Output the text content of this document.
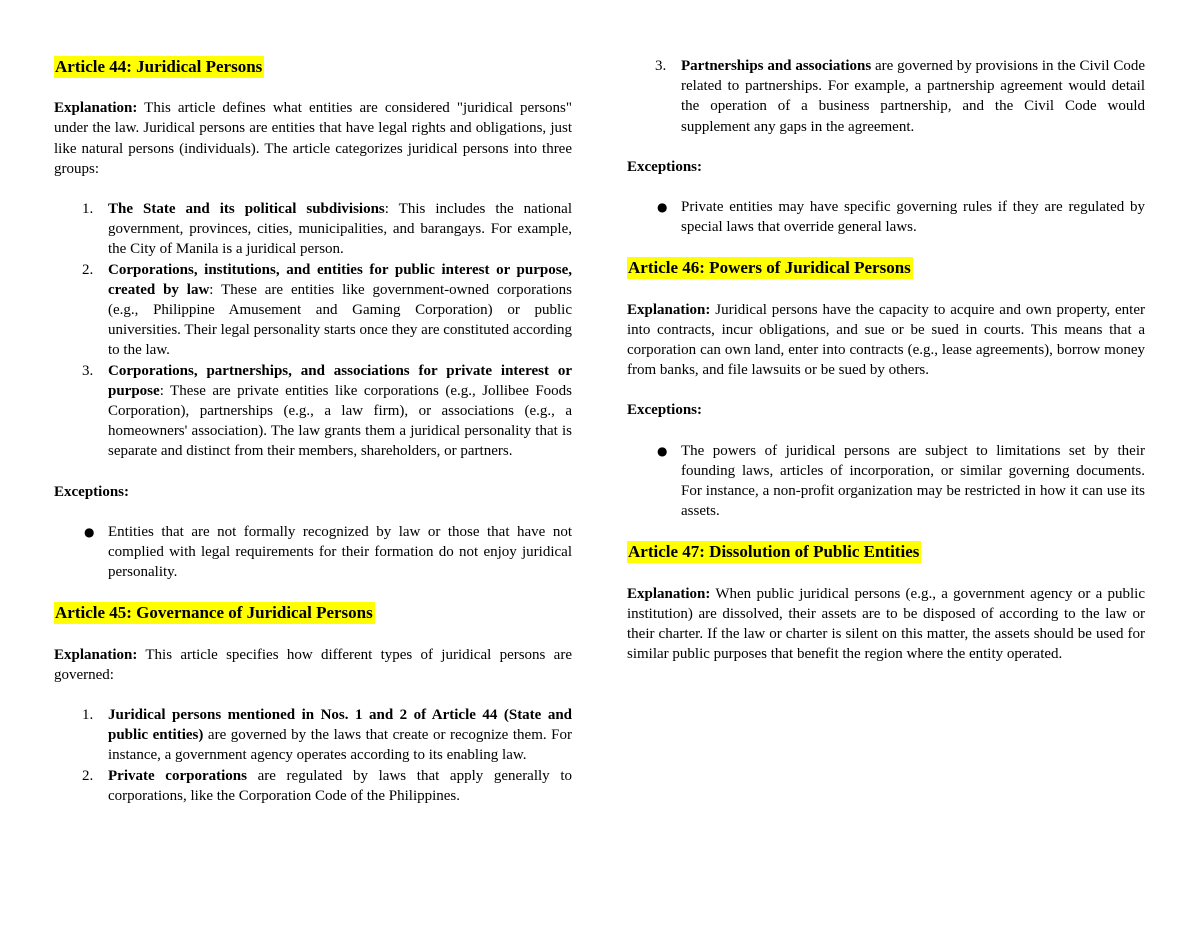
Article 44: Juridical Persons

Explanation: This article defines what entities are considered "juridical persons" under the law. Juridical persons are entities that have legal rights and obligations, just like natural persons (individuals). The article categorizes juridical persons into three groups:

1. The State and its political subdivisions: This includes the national government, provinces, cities, municipalities, and barangays. For example, the City of Manila is a juridical person.
2. Corporations, institutions, and entities for public interest or purpose, created by law: These are entities like government-owned corporations (e.g., Philippine Amusement and Gaming Corporation) or public universities. Their legal personality starts once they are constituted according to the law.
3. Corporations, partnerships, and associations for private interest or purpose: These are private entities like corporations (e.g., Jollibee Foods Corporation), partnerships (e.g., a law firm), or associations (e.g., a homeowners' association). The law grants them a juridical personality that is separate and distinct from their members, shareholders, or partners.

Exceptions:

● Entities that are not formally recognized by law or those that have not complied with legal requirements for their formation do not enjoy juridical personality.
Article 45: Governance of Juridical Persons

Explanation: This article specifies how different types of juridical persons are governed:

1. Juridical persons mentioned in Nos. 1 and 2 of Article 44 (State and public entities) are governed by the laws that create or recognize them. For instance, a government agency operates according to its enabling law.
2. Private corporations are regulated by laws that apply generally to corporations, like the Corporation Code of the Philippines.
3. Partnerships and associations are governed by provisions in the Civil Code related to partnerships. For example, a partnership agreement would detail the operation of a business partnership, and the Civil Code would supplement any gaps in the agreement.

Exceptions:

● Private entities may have specific governing rules if they are regulated by special laws that override general laws.
Article 46: Powers of Juridical Persons

Explanation: Juridical persons have the capacity to acquire and own property, enter into contracts, incur obligations, and sue or be sued in courts. This means that a corporation can own land, enter into contracts (e.g., lease agreements), borrow money from banks, and file lawsuits or be sued by others.

Exceptions:

● The powers of juridical persons are subject to limitations set by their founding laws, articles of incorporation, or similar governing documents. For instance, a non-profit organization may be restricted in how it can use its assets.
Article 47: Dissolution of Public Entities

Explanation: When public juridical persons (e.g., a government agency or a public institution) are dissolved, their assets are to be disposed of according to the law or their charter. If the law or charter is silent on this matter, the assets should be used for similar public purposes that benefit the region where the entity operated.
